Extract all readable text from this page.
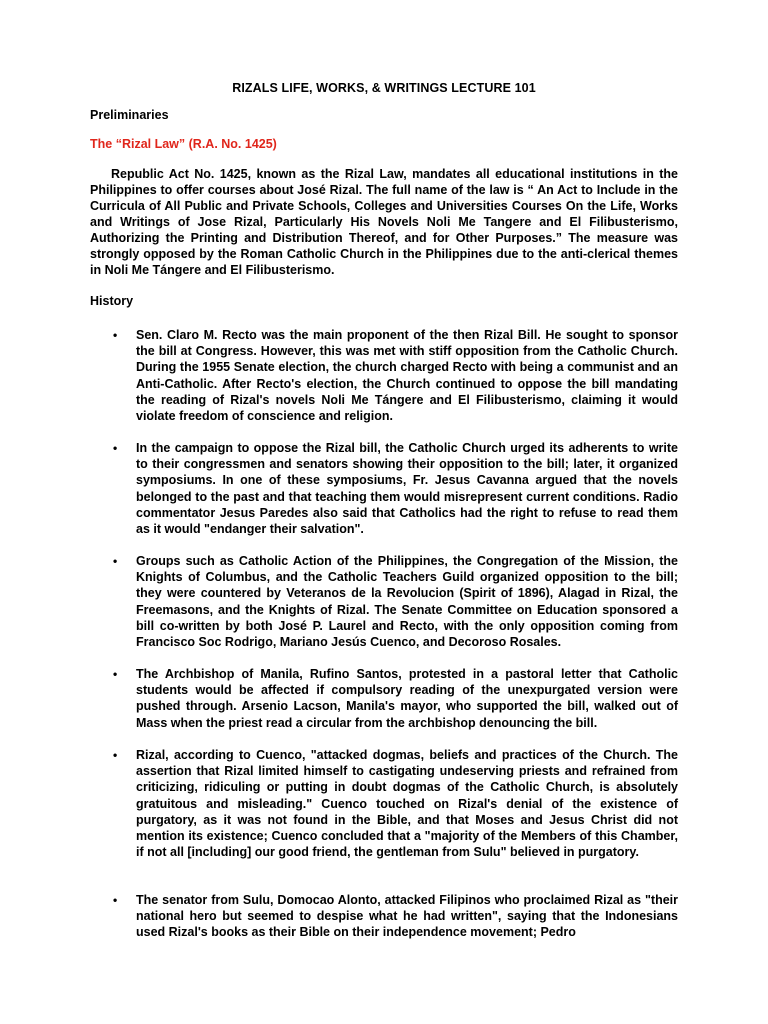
RIZALS LIFE, WORKS, & WRITINGS LECTURE 101
Preliminaries
The “Rizal Law” (R.A. No. 1425)
Republic Act No. 1425, known as the Rizal Law, mandates all educational institutions in the Philippines to offer courses about José Rizal. The full name of the law is “ An Act to Include in the Curricula of All Public and Private Schools, Colleges and Universities Courses On the Life, Works and Writings of Jose Rizal, Particularly His Novels Noli Me Tangere and El Filibusterismo, Authorizing the Printing and Distribution Thereof, and for Other Purposes.” The measure was strongly opposed by the Roman Catholic Church in the Philippines due to the anti-clerical themes in Noli Me Tángere and El Filibusterismo.
History
•	Sen. Claro M. Recto was the main proponent of the then Rizal Bill. He sought to sponsor the bill at Congress. However, this was met with stiff opposition from the Catholic Church. During the 1955 Senate election, the church charged Recto with being a communist and an Anti-Catholic. After Recto's election, the Church continued to oppose the bill mandating the reading of Rizal's novels Noli Me Tángere and El Filibusterismo, claiming it would violate freedom of conscience and religion.
•	In the campaign to oppose the Rizal bill, the Catholic Church urged its adherents to write to their congressmen and senators showing their opposition to the bill; later, it organized symposiums. In one of these symposiums, Fr. Jesus Cavanna argued that the novels belonged to the past and that teaching them would misrepresent current conditions. Radio commentator Jesus Paredes also said that Catholics had the right to refuse to read them as it would "endanger their salvation".
•	Groups such as Catholic Action of the Philippines, the Congregation of the Mission, the Knights of Columbus, and the Catholic Teachers Guild organized opposition to the bill; they were countered by Veteranos de la Revolucion (Spirit of 1896), Alagad in Rizal, the Freemasons, and the Knights of Rizal. The Senate Committee on Education sponsored a bill co-written by both José P. Laurel and Recto, with the only opposition coming from Francisco Soc Rodrigo, Mariano Jesús Cuenco, and Decoroso Rosales.
•	The Archbishop of Manila, Rufino Santos, protested in a pastoral letter that Catholic students would be affected if compulsory reading of the unexpurgated version were pushed through. Arsenio Lacson, Manila's mayor, who supported the bill, walked out of Mass when the priest read a circular from the archbishop denouncing the bill.
•	Rizal, according to Cuenco, "attacked dogmas, beliefs and practices of the Church. The assertion that Rizal limited himself to castigating undeserving priests and refrained from criticizing, ridiculing or putting in doubt dogmas of the Catholic Church, is absolutely gratuitous and misleading." Cuenco touched on Rizal's denial of the existence of purgatory, as it was not found in the Bible, and that Moses and Jesus Christ did not mention its existence; Cuenco concluded that a "majority of the Members of this Chamber, if not all [including] our good friend, the gentleman from Sulu" believed in purgatory.
•	The senator from Sulu, Domocao Alonto, attacked Filipinos who proclaimed Rizal as "their national hero but seemed to despise what he had written", saying that the Indonesians used Rizal's books as their Bible on their independence movement; Pedro
